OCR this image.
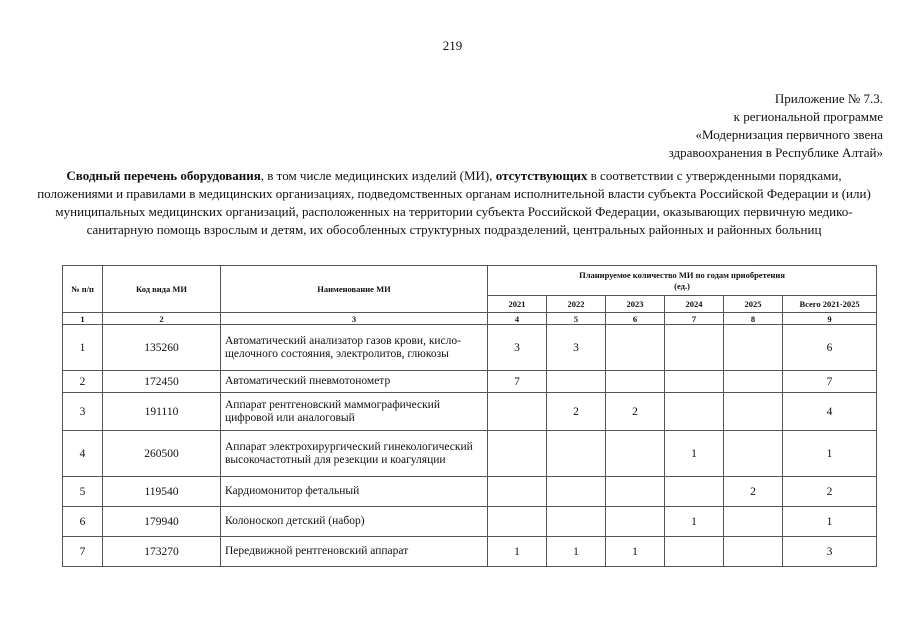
219
Приложение № 7.3.
к региональной программе
«Модернизация первичного звена
здравоохранения в Республике Алтай»
Сводный перечень оборудования, в том числе медицинских изделий (МИ), отсутствующих в соответствии с утвержденными порядками, положениями и правилами в медицинских организациях, подведомственных органам исполнительной власти субъекта Российской Федерации и (или) муниципальных медицинских организаций, расположенных на территории субъекта Российской Федерации, оказывающих первичную медико-санитарную помощь взрослым и детям, их обособленных структурных подразделений, центральных районных и районных больниц
№ п/п	Код вида МИ	Наименование МИ	Планируемое количество МИ по годам приобретения
(ед.)					

			2021	2022	2023	2024	2025	Всего 2021-2025
1	2	3	4	5	6	7	8	9
1	135260	Автоматический анализатор газов крови, кисло-щелочного состояния, электролитов, глюкозы	3	3				6
2	172450	Автоматический пневмотонометр	7					7
3	191110	Аппарат рентгеновский маммографический цифровой или аналоговый		2	2			4
4	260500	Аппарат электрохирургический гинекологический высокочастотный для резекции и коагуляции				1		1
5	119540	Кардиомонитор фетальный					2	2
6	179940	Колоноскоп детский (набор)				1		1
7	173270	Передвижной рентгеновский аппарат	1	1	1			3
